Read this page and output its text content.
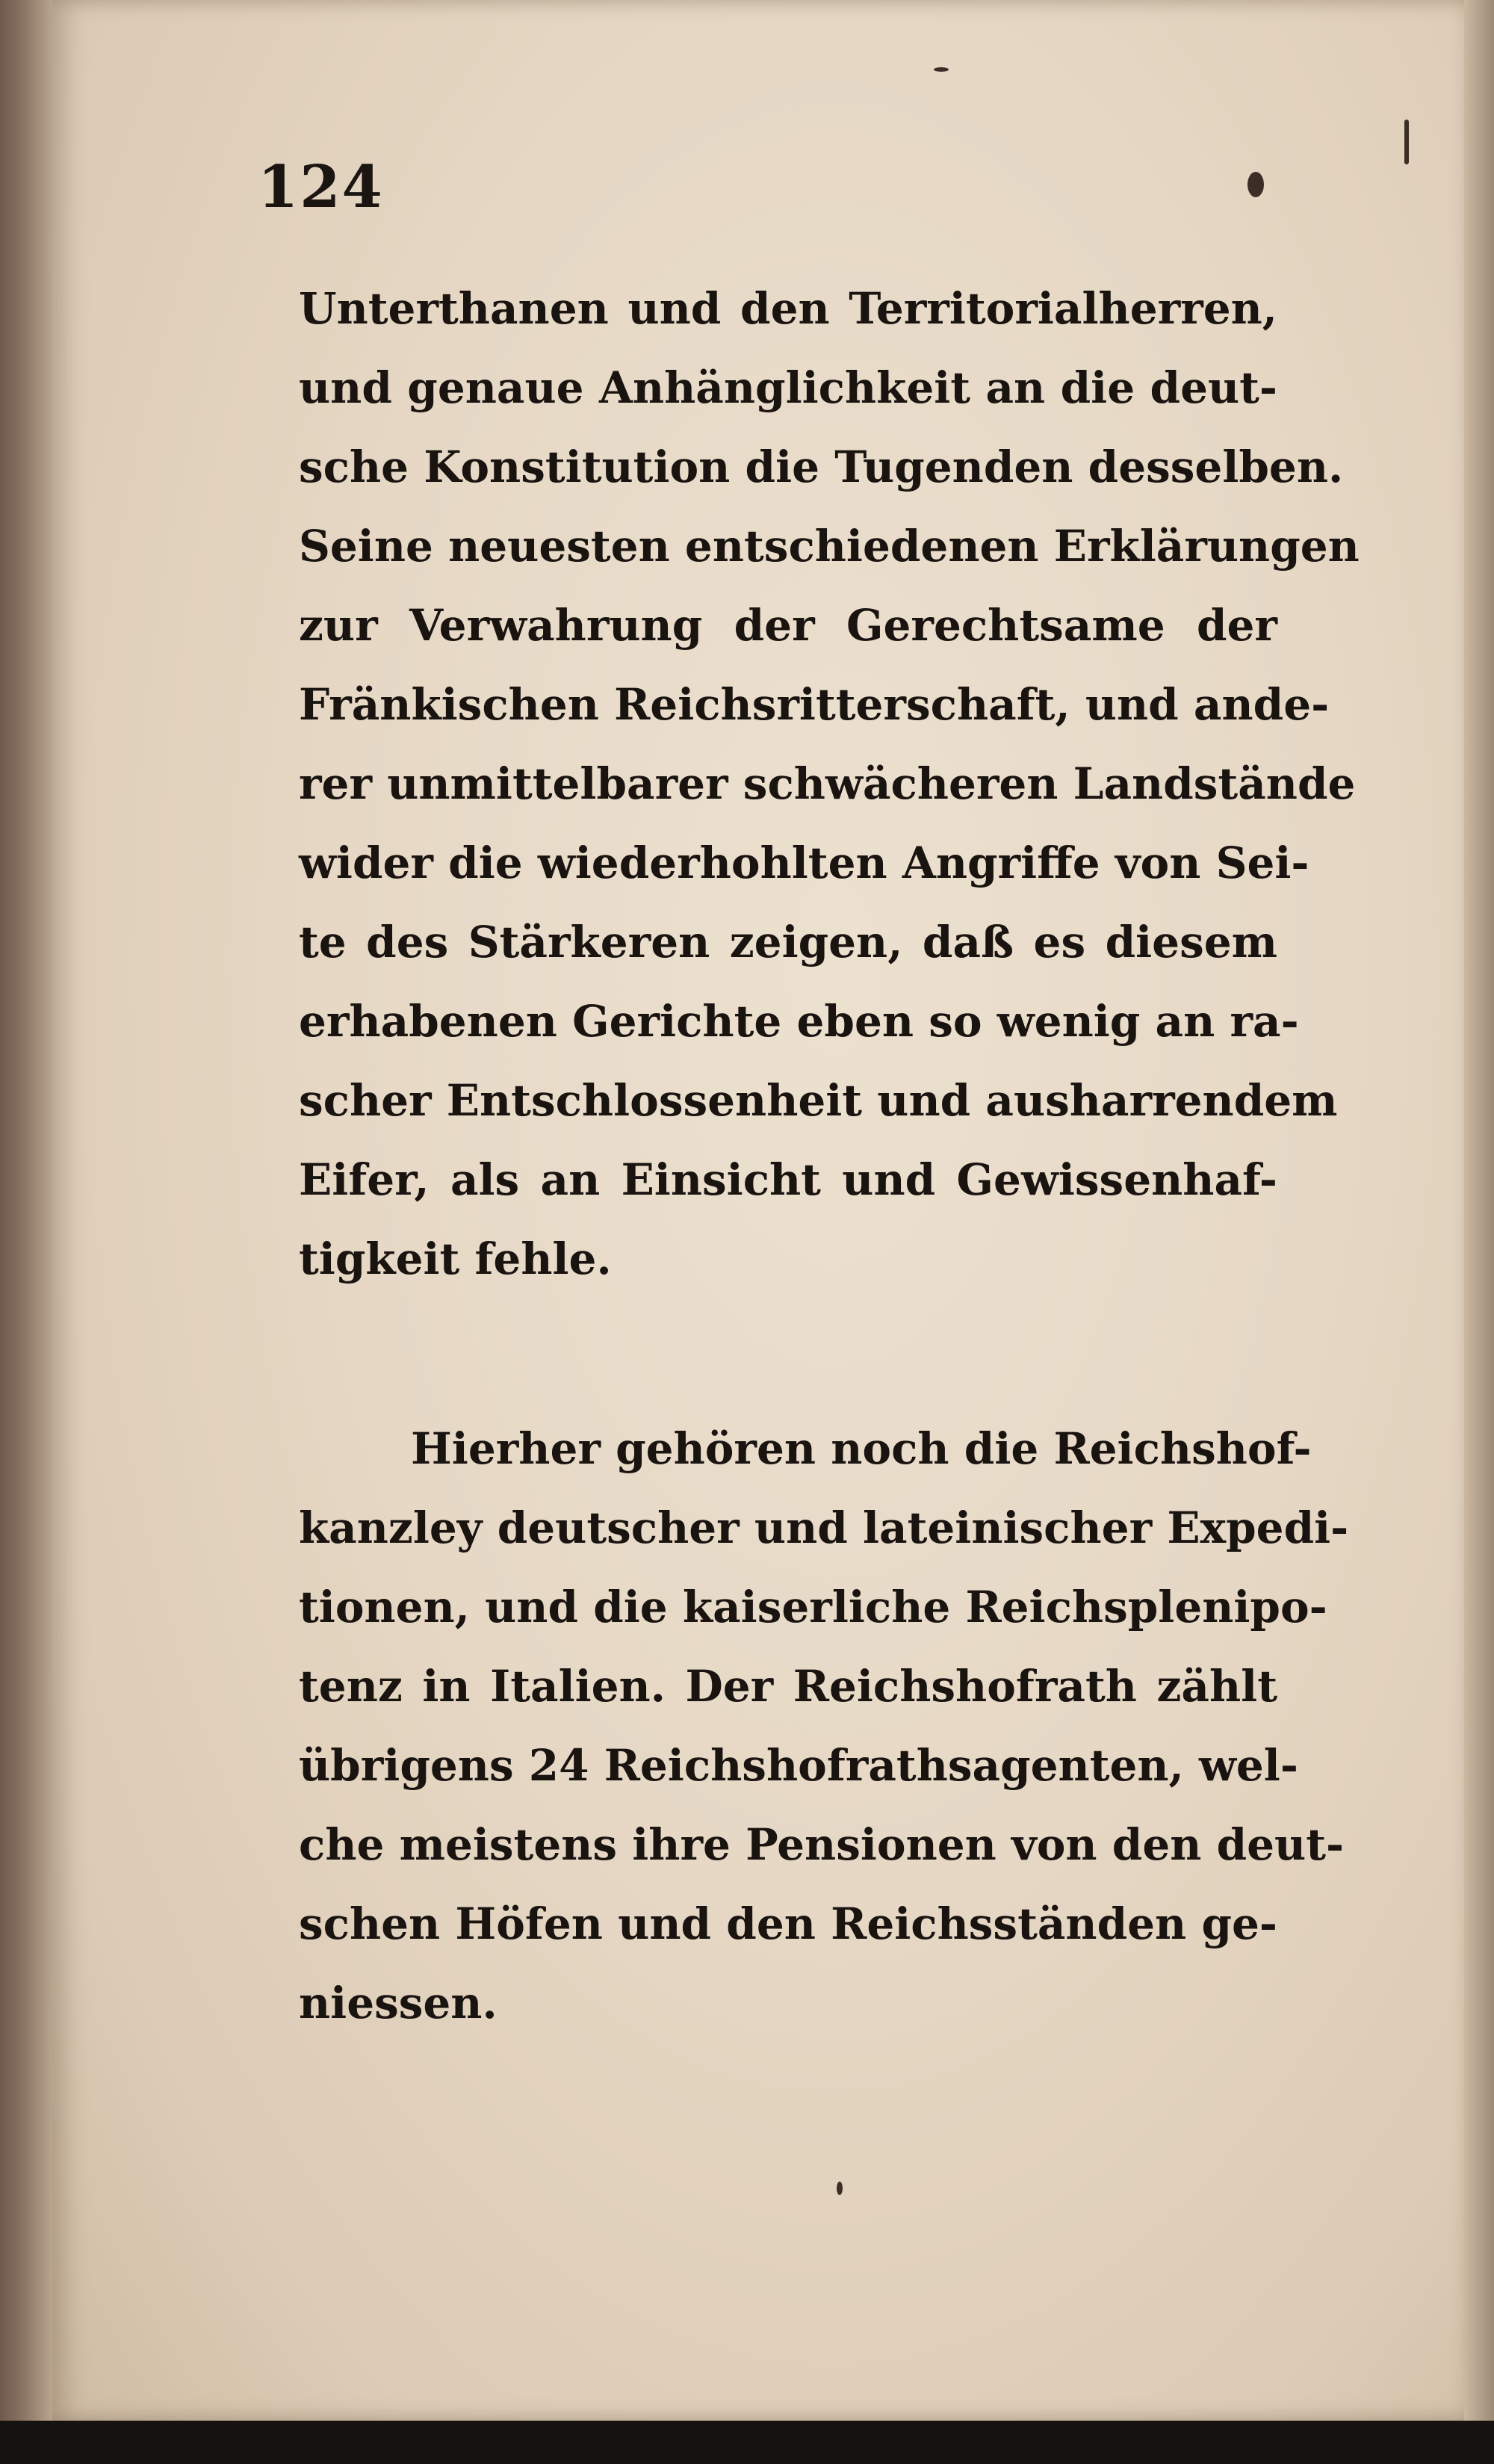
124
Unterthanen und den Territorialherren,
und genaue Anhänglichkeit an die deut-
sche Konstitution die Tugenden desselben.
Seine neuesten entschiedenen Erklärungen
zur Verwahrung der Gerechtsame der
Fränkischen Reichsritterschaft, und ande-
rer unmittelbarer schwächeren Landstände
wider die wiederhohlten Angriffe von Sei-
te des Stärkeren zeigen, daß es diesem
erhabenen Gerichte eben so wenig an ra-
scher Entschlossenheit und ausharrendem
Eifer, als an Einsicht und Gewissenhaf-
tigkeit fehle.
Hierher gehören noch die Reichshof-
kanzley deutscher und lateinischer Expedi-
tionen, und die kaiserliche Reichsplenipo-
tenz in Italien. Der Reichshofrath zählt
übrigens 24 Reichshofrathsagenten, wel-
che meistens ihre Pensionen von den deut-
schen Höfen und den Reichsständen ge-
niessen.
